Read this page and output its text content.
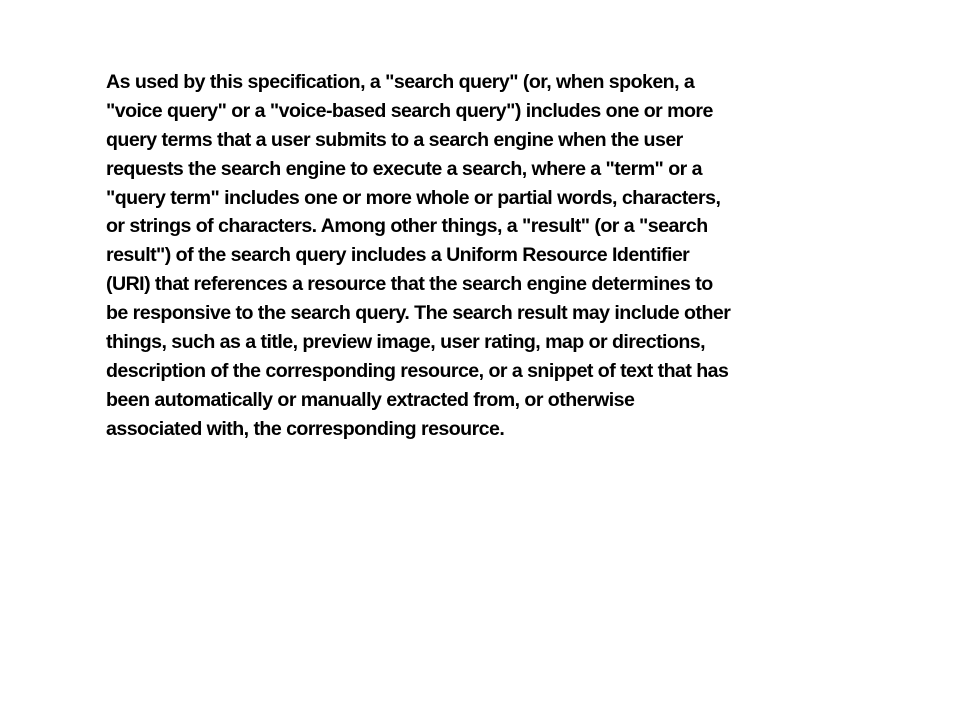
As used by this specification, a "search query" (or, when spoken, a
"voice query" or a "voice-based search query") includes one or more
query terms that a user submits to a search engine when the user
requests the search engine to execute a search, where a "term" or a
"query term" includes one or more whole or partial words, characters,
or strings of characters. Among other things, a "result" (or a "search
result") of the search query includes a Uniform Resource Identifier
(URI) that references a resource that the search engine determines to
be responsive to the search query. The search result may include other
things, such as a title, preview image, user rating, map or directions,
description of the corresponding resource, or a snippet of text that has
been automatically or manually extracted from, or otherwise
associated with, the corresponding resource.
